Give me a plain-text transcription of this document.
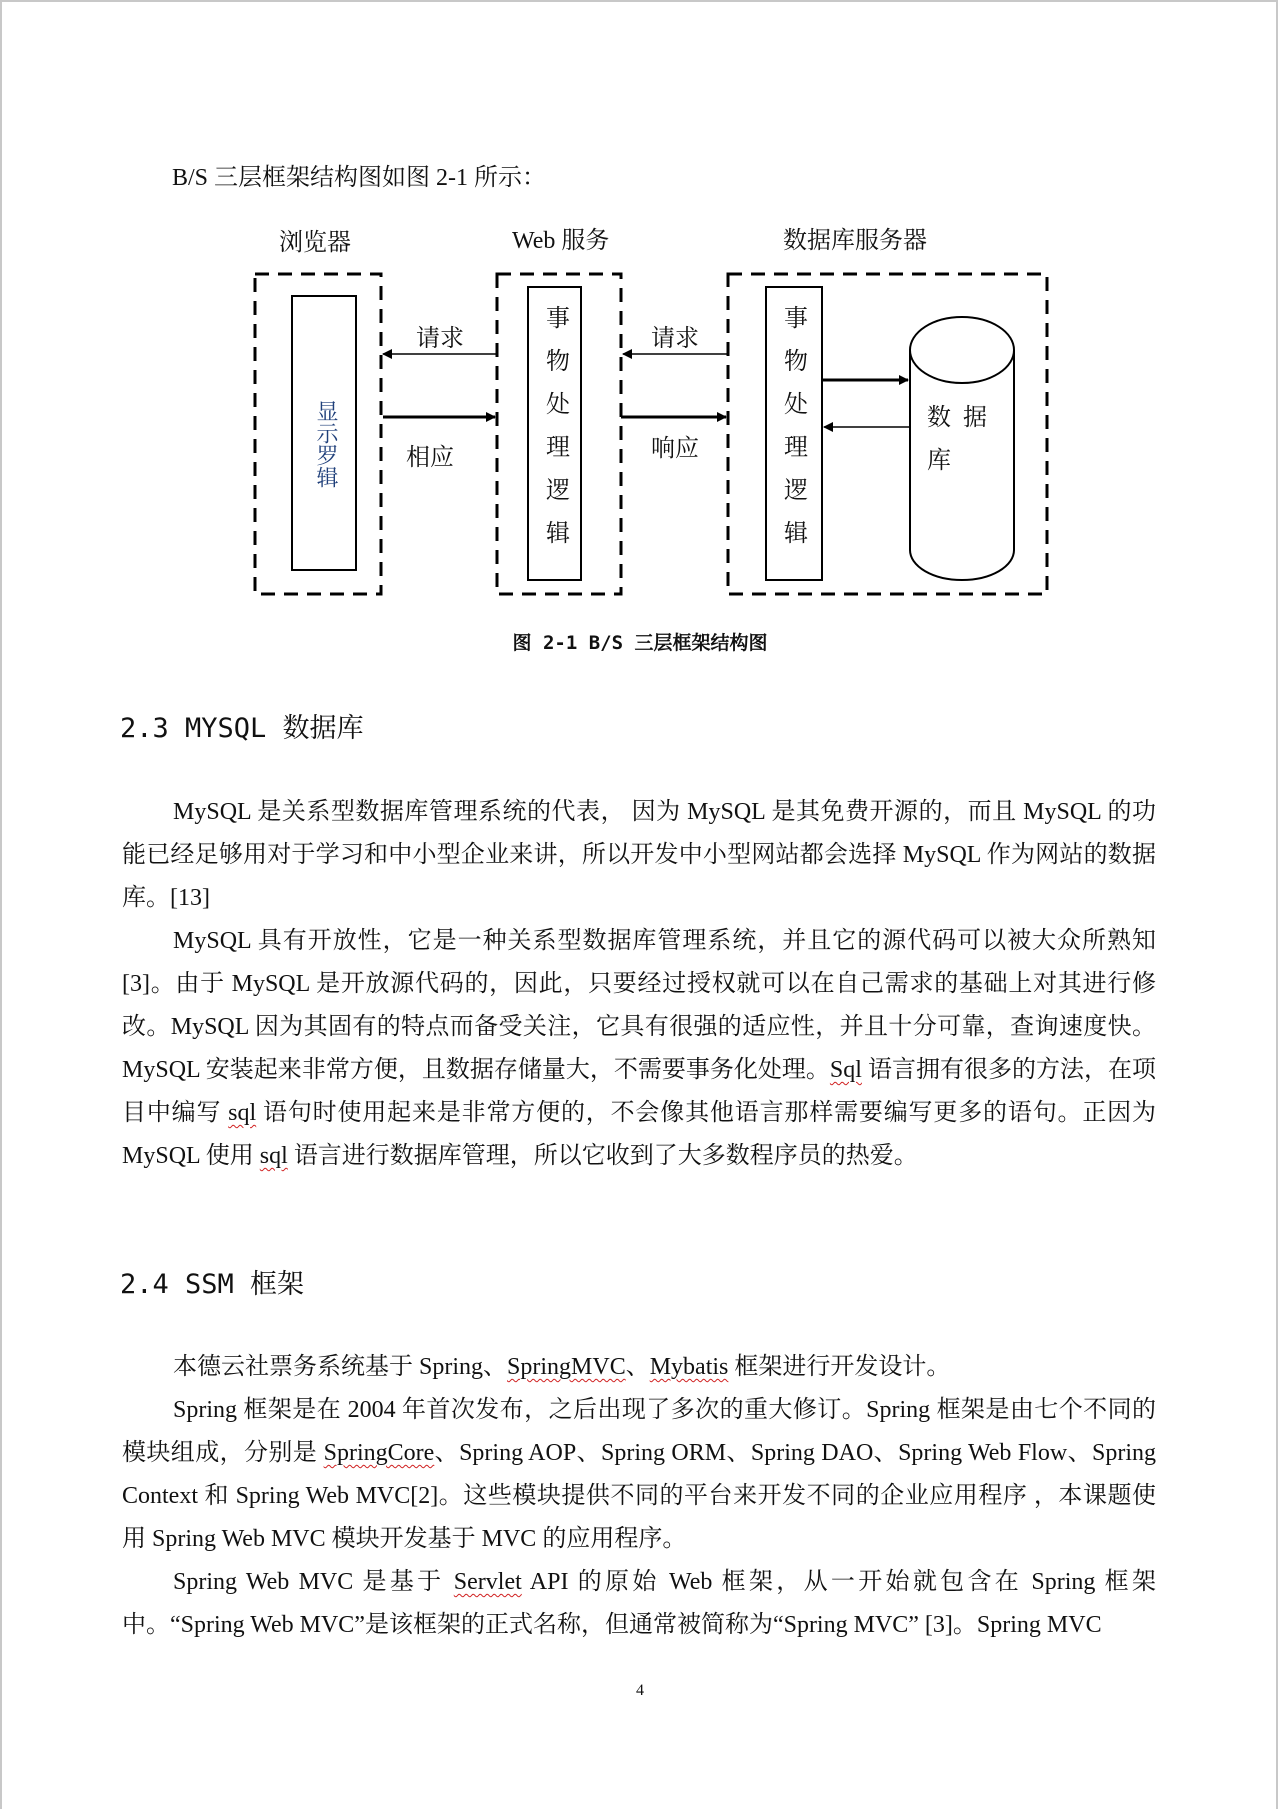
B/S 三层框架结构图如图 2-1 所示：
浏览器	Web 服务	数据库服务器
请求
相应
请求
响应
显示罗辑
事
物
处
理
逻
辑
事
物
处
理
逻
辑
数  据
库
图 2-1 B/S 三层框架结构图
2.3 MYSQL 数据库
MySQL 是关系型数据库管理系统的代表， 因为 MySQL 是其免费开源的，而且 MySQL 的功能已经足够用对于学习和中小型企业来讲，所以开发中小型网站都会选择 MySQL 作为网站的数据库。[13]
MySQL 具有开放性，它是一种关系型数据库管理系统，并且它的源代码可以被大众所熟知[3]。由于 MySQL 是开放源代码的，因此，只要经过授权就可以在自己需求的基础上对其进行修改。MySQL 因为其固有的特点而备受关注，它具有很强的适应性，并且十分可靠，查询速度快。MySQL 安装起来非常方便，且数据存储量大，不需要事务化处理。Sql 语言拥有很多的方法，在项目中编写 sql 语句时使用起来是非常方便的，不会像其他语言那样需要编写更多的语句。正因为 MySQL 使用 sql 语言进行数据库管理，所以它收到了大多数程序员的热爱。
2.4 SSM 框架
本德云社票务系统基于 Spring、SpringMVC、Mybatis 框架进行开发设计。
Spring 框架是在 2004 年首次发布，之后出现了多次的重大修订。Spring 框架是由七个不同的模块组成，分别是 SpringCore、Spring AOP、Spring ORM、Spring DAO、Spring Web Flow、Spring Context 和 Spring Web MVC[2]。这些模块提供不同的平台来开发不同的企业应用程序 ，本课题使用 Spring Web MVC 模块开发基于 MVC 的应用程序。
Spring Web MVC 是基于 Servlet API 的原始 Web 框架，从一开始就包含在 Spring 框架中。“Spring Web MVC”是该框架的正式名称，但通常被简称为“Spring MVC” [3]。Spring MVC
4
